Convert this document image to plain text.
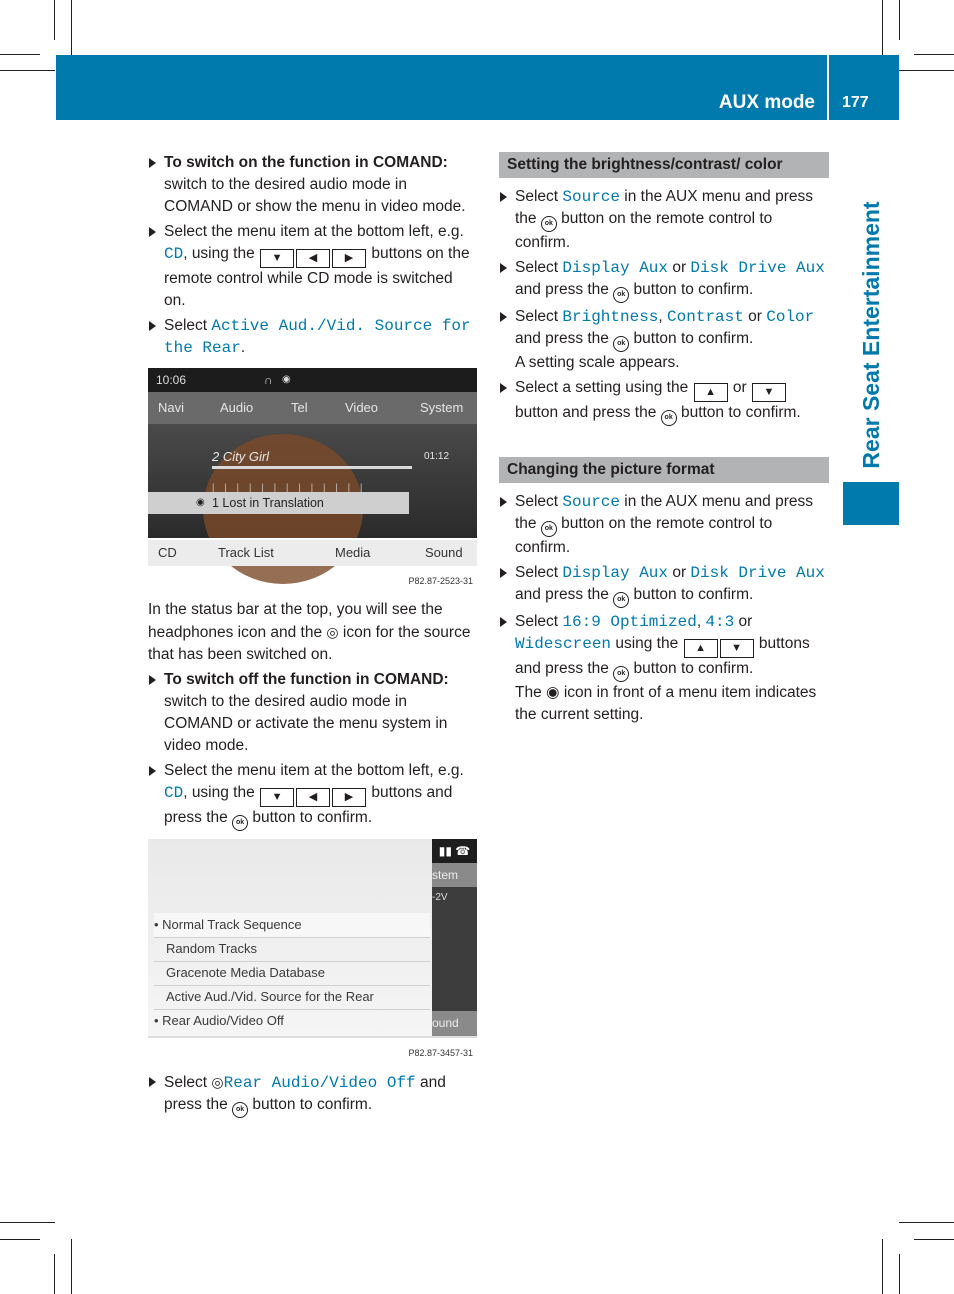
AUX mode 177
Rear Seat Entertainment
To switch on the function in COMAND:
switch to the desired audio mode in COMAND or show the menu in video mode.
Select the menu item at the bottom left, e.g. CD, using the ▼ ◀	▶ buttons on the remote control while CD mode is switched on.
Select Active Aud./Vid. Source for the Rear.
10:06	∩ ◉
Navi	Audio	Tel	Video	System
2 City Girl	01:12
|||||||||||||
◉ 1 Lost in Translation
CD	Track List	Media	Sound
P82.87-2523-31
In the status bar at the top, you will see the headphones icon and the ◎ icon for the source that has been switched on.
To switch off the function in COMAND:
switch to the desired audio mode in COMAND or activate the menu system in video mode.
Select the menu item at the bottom left, e.g. CD, using the ▼ ◀	▶ buttons and press the ok button to confirm.
• Normal Track Sequence
Random Tracks
Gracenote Media Database
Active Aud./Vid. Source for the Rear
• Rear Audio/Video Off
▮▮ ☎
stem
-2V
ound
P82.87-3457-31
Select ◎Rear Audio/Video Off and press the ok button to confirm.
Setting the brightness/contrast/ color
Select Source in the AUX menu and press the ok button on the remote control to confirm.
Select Display Aux or Disk Drive Aux and press the ok button to confirm.
Select Brightness, Contrast or Color and press the ok button to confirm.
A setting scale appears.
Select a setting using the ▲ or ▼ button and press the ok button to confirm.
Changing the picture format
Select Source in the AUX menu and press the ok button on the remote control to confirm.
Select Display Aux or Disk Drive Aux and press the ok button to confirm.
Select 16:9 Optimized, 4:3 or
Widescreen using the ▲ ▼ buttons and press the ok button to confirm.
The ◉ icon in front of a menu item indicates the current setting.
